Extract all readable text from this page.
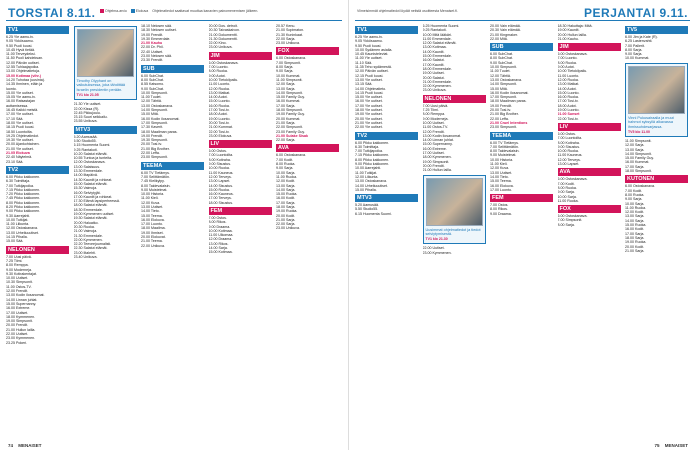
TORSTAI 8.11.	Ohjelma-arvio	Elokuva Ohjelmatiedot saattavat muuttua kanavien painomenemisen jälkeen.
TV1
6.25 Yle aamu-tv.
9.05 Ykkösaamu.
9.50 Puoli kuusi.
10.45 Hyvä tietää.
11.00 Terveydeksi.
11.50 Puoli kahdeksan.
12.00 Päivän uutiset.
12.55 Tuhlaajapoika.
13.00 Ohjelmatietoja.
15.00 Kotimaa (vihr.)
14.20 Tuhotaa (uusinta).
14.35 Ihminen, eläin ja
luonto.
15.00 Yle uutiset.
15.05 Yle aamu-tv.
16.00 Ratsastajan
auttamisessa.
16.45 Kaikki meistä.
17.00 Yle uutiset.
17.10 Sää.
18.00 Yle uutiset.
18.15 Puoli kuusi.
18.50 Luontoilta.
19.25 Ohjelmatiedot.
19.30 Yle uutiset.
20.00 Ajankohtainen.
21.00 Yle uutiset.
21.05 Elokuva
22.40 Näytelmä.
23.10 Sää.
TV2
6.00 Pikku kakkonen.
6.30 Toimittaja.
7.00 Tutkijapoika.
7.15 Pikku kakkonen.
7.20 Pikku kakkonen.
7.45 Pikku kakkonen.
8.00 Pikku kakkonen.
8.20 Pikku kakkonen.
9.00 Pikku kakkonen.
9.30 Aarrejahti.
10.00 Tutkijat.
11.00 Liikunta.
12.00 Ostoskanava.
13.00 Urheiluuutiset.
14.15 Pihalla.
15.00 Sää.
NELONEN
7.00 Uusi päivä.
7.25 Tiimi.
8.00 Remppa.
9.00 Moderneja.
9.30 Kotirakentajat.
10.00 Uutiset.
10.30 Simpsonit.
11.00 Ostos-TV.
12.00 Frendit.
13.00 Kodin ilosanomat.
14.00 Linnan juhlat.
15.00 Supernanny.
16.00 Extreme.
17.00 Uutiset.
18.00 Kymmenen.
19.00 Simpsonit.
20.00 Frendit.
21.00 Hullun lailla.
22.00 Uutiset.
23.00 Kymmenen.
23.25 Pokeri.
Timothy Olyphant on vaikutuksessa, joka tähdittää Israelin presidentin perään.
TV1 klo 21.05
21.30 Yle uutiset.
22.00 Kissa (R).
22.45 Pikkujoulu.
23.15 Suuri seikkailu.
23.55 Unikuva.
MTV3
5.20 Aamusää.
5.50 Studio55.
6.15 Huomenta Suomi.
9.25 Rantakoti.
10.20 Salatut elämät.
10.55 Tuntoa ja tunteita.
12.00 Ostoskanava.
13.00 Salaisuus.
13.30 Emmerdale.
14.00 Iltapäivä.
14.30 Kauniit ja rohkeat.
15.00 Salatut elämät.
15.30 Vaimoja.
16.00 Selviytyjät.
17.00 Kauniit ja rohkeat.
17.30 Elämä lapsiperheessä.
18.00 Salatut elämät.
18.30 Emmerdale.
19.00 Kymmenen uutiset.
19.30 Salatut elämät.
20.00 Haluatko.
20.30 Ruoka.
21.00 Vaimoja.
21.30 Emmerdale.
22.00 Kymmenen.
22.20 Teeveejournalisti.
22.30 Salatut elämät.
23.00 Iltalehti.
23.40 Unikuva.
18.10 Nelosen sää.
18.30 Nelosen uutiset.
19.00 Frendit.
19.30 Emmerdale.
21.00 Kauhu
22.00 Dr. Phil.
22.40 Uutiset.
23.00 Nelosen sää.
23.30 Frendit.
SUB
6.00 SubChat.
8.00 SubChat.
8.55 Katsomo.
9.00 SubChat.
10.00 Simpsonit.
11.00 Tuulet.
12.00 Tähtiä.
13.00 Ostoskanava.
14.00 Simpsonit.
15.00 Mitä.
16.00 Kodin ilosanomat.
17.00 Simpsonit.
17.30 Kaverit.
18.00 Maailman paras.
19.00 Frendit.
19.30 Simpsonit.
20.00 Tosi-tv.
21.00 Big Brother.
22.00 Leffa.
23.00 Simpsonit.
TEEMA
6.00 TV Tietämys.
7.00 Selittämätön.
7.45 Kielikylpy.
8.00 Taidevalaisin.
9.00 Muistelmat.
10.00 Historia.
11.00 Kieli.
12.00 Kuva.
13.00 Uutiset.
14.00 Tieto.
15.00 Teema.
16.00 Elokuva.
17.00 Luonto.
18.00 Maailma.
19.00 Ihmiset.
20.00 Elokuvat.
21.00 Teema.
22.00 Unikuva.
20.00 Dos. detroit.
20.30 Taivaskaivon.
21.00 Dokumentti.
21.30 Dokumentti.
22.00 Kino.
23.00 Unikuva.
JIM
6.00 Ostoskanava.
7.00 Luonto.
8.00 Ruoka.
9.00 Autot.
10.00 Tietokilpailu.
11.00 Luonto.
12.00 Ruoka.
13.00 Matkat.
14.00 Autot.
15.00 Luonto.
16.00 Ruoka.
17.00 Tosi-tv.
18.00 Autot.
19.00 Luonto.
20.00 Tosi-tv.
21.00 Kummat.
22.00 Tosi-tv.
23.00 Elokuva.
LIV
6.00 Ostos.
7.00 Luontoilta.
8.00 Kotiraha.
9.00 Sisustus.
10.00 Ruoka.
11.00 Kauneus.
12.00 Terveys.
13.00 Lapset.
14.00 Sisustus.
15.00 Ruoka.
16.00 Kauneus.
17.00 Terveys.
18.00 Sisustus.
FEM
7.00 Ostos.
8.00 Rikos.
9.00 Draama.
10.00 Kotimaa.
11.00 Ulkomaa.
12.00 Draama.
13.00 Rikos.
14.00 Sarja.
15.00 Kotimaa.
20.57 Kenu.
21.00 Sopimaton.
21.30 Kuninkaat.
22.00 Sarja.
23.00 Unikuva.
FOX
6.00 Ostoskanava.
7.00 Simpsonit.
8.00 Sarja.
9.00 Sarja.
10.00 Kummat.
11.00 Simpsonit.
12.00 Sarja.
13.00 Sarja.
14.00 Simpsonit.
15.00 Family Guy.
16.00 Kummat.
17.00 Sarja.
18.00 Simpsonit.
19.00 Family Guy.
20.00 Kummat.
21.00 Sarja.
22.00 Simpsonit.
23.00 Family Guy.
21.00 Sulake Sisak
22.00 Sarja.
AVA
6.00 Ostoskanava.
7.00 Kodit.
8.00 Ruoka.
9.00 Sarja.
10.00 Sarja.
11.00 Ruoka.
12.00 Kodit.
13.00 Sarja.
14.00 Sarja.
15.00 Ruoka.
16.00 Kodit.
17.00 Sarja.
18.00 Sarja.
19.00 Ruoka.
20.00 Kodit.
21.00 Sarja.
22.00 Sarja.
23.00 Unikuva.
74 MENAISET
Viimeisimmät ohjelmatiedot löydät netistä osoitteesta Menaiset.fi.	PERJANTAI 9.11.
TV1
6.25 Yle aamu-tv.
9.05 Ykkösaamu.
9.50 Puoli kuusi.
10.00 Sydämen asialla.
10.45 Kaunisteleviat.
11.00 Yle uutiset.
11.10 Sää.
11.35 Teho sydämestä.
12.00 Päivän uutiset.
12.15 Puoli kuusi.
13.00 Yle uutiset.
13.15 Sää.
14.00 Ohjelmatieto.
14.15 Puoli kuusi.
15.00 Yle uutiset.
16.00 Yle uutiset.
17.00 Yle uutiset.
18.00 Yle uutiset.
19.00 Yle uutiset.
20.00 Yle uutiset.
21.00 Yle uutiset.
22.00 Yle uutiset.
TV2
6.00 Pikku kakkonen.
6.30 Toimittaja.
7.00 Tutkijapoika.
7.15 Pikku kakkonen.
8.00 Pikku kakkonen.
9.00 Pikku kakkonen.
10.00 Aarrejahti.
11.00 Tutkijat.
12.00 Liikunta.
13.00 Ostoskanava.
14.00 Urheiluuutiset.
15.00 Pihalla.
MTV3
5.20 Aamusää.
5.50 Studio55.
6.15 Huomenta Suomi.
6.25 Huomenta Suomi.
9.25 Rantakoti.
10.00 Mitä lääkäri.
11.00 Emmerdale.
12.00 Salatut elämät.
13.00 Kotimaa.
14.00 Kauniit.
15.00 Emmerdale.
16.00 Salatut.
17.00 Kauniit.
18.00 Emmerdale.
19.00 Uutiset.
20.00 Salatut.
21.00 Emmerdale.
22.00 Kymmenen.
23.00 Unikuva.
NELONEN
7.00 Uusi päivä.
7.25 Tiimi.
8.00 Remppa.
9.00 Moderneja.
10.00 Uutiset.
11.00 Ostos-TV.
12.00 Frendit.
13.00 Kodin ilosanomat.
14.00 Linnan juhlat.
15.00 Supernanny.
16.00 Extreme.
17.00 Uutiset.
18.00 Kymmenen.
19.00 Simpsonit.
20.00 Frendit.
21.00 Hullun lailla.
Uusimmat ohjelmatiedot ja tiedot selviytymisestä.
TV1 klo 21.30
22.00 Uutiset.
23.00 Kymmenen.
20.00 Vain elämää.
20.30 Vain elämää.
21.00 Kingmaker.
22.00 Mitä.
SUB
6.00 SubChat.
8.00 SubChat.
9.00 SubChat.
10.00 Simpsonit.
11.00 Tuulet.
12.00 Tähtiä.
13.00 Ostoskanava.
14.00 Simpsonit.
15.00 Mitä.
16.00 Kodin ilosanomat.
17.00 Simpsonit.
18.00 Maailman paras.
19.00 Frendit.
20.00 Tosi-tv.
21.00 Big Brother.
22.00 Leffa.
21.00 Cruel Intentions
23.00 Simpsonit.
TEEMA
6.00 TV Tietämys.
7.00 Selittämätön.
8.00 Taidevalaisin.
9.00 Muistelmat.
10.00 Historia.
11.00 Kieli.
12.00 Kuva.
13.00 Uutiset.
14.00 Tieto.
15.00 Teema.
16.00 Elokuva.
17.00 Luonto.
FEM
7.00 Ostos.
8.00 Rikos.
9.00 Draama.
18.30 Hakuttaja: Mitä.
19.00 Kauniit.
20.00 Hullun lailla.
21.00 Kauhu.
JIM
6.00 Ostoskanava.
7.00 Luonto.
8.00 Ruoka.
9.00 Autot.
10.00 Tietokilpailu.
11.00 Luonto.
12.00 Ruoka.
13.00 Matkat.
14.00 Autot.
15.00 Luonto.
16.00 Ruoka.
17.00 Tosi-tv.
18.00 Autot.
19.00 Luonto.
21.00 Sunset
22.00 Tosi-tv.
LIV
6.00 Ostos.
7.00 Luontoilta.
8.00 Kotiraha.
9.00 Sisustus.
10.00 Ruoka.
11.00 Kauneus.
12.00 Terveys.
13.00 Lapset.
AVA
6.00 Ostoskanava.
7.00 Kodit.
8.00 Ruoka.
9.00 Sarja.
10.00 Sarja.
11.00 Ruoka.
FOX
6.00 Ostoskanava.
7.00 Simpsonit.
8.00 Sarja.
TV5
6.00 Jim ja Kate (R).
6.25 Lastenvahti.
7.00 Pallerit.
8.00 Sarja.
9.00 Sarja.
10.00 Kummat.
Vinni Pukusairaalla ja muut hahmot syksyllä alkavassa ihmissuhdesarjassa.
TV5 klo 11.00
11.00 Simpsonit.
12.00 Sarja.
13.00 Sarja.
14.00 Simpsonit.
15.00 Family Guy.
16.00 Kummat.
17.00 Sarja.
18.00 Simpsonit.
KUTONEN
6.00 Ostoskanava.
7.00 Kodit.
8.00 Ruoka.
9.00 Sarja.
10.00 Sarja.
11.00 Ruoka.
12.00 Kodit.
13.00 Sarja.
14.00 Sarja.
15.00 Ruoka.
16.00 Kodit.
17.00 Sarja.
18.00 Sarja.
19.00 Ruoka.
20.00 Kodit.
21.00 Sarja.
75 MENAISET
